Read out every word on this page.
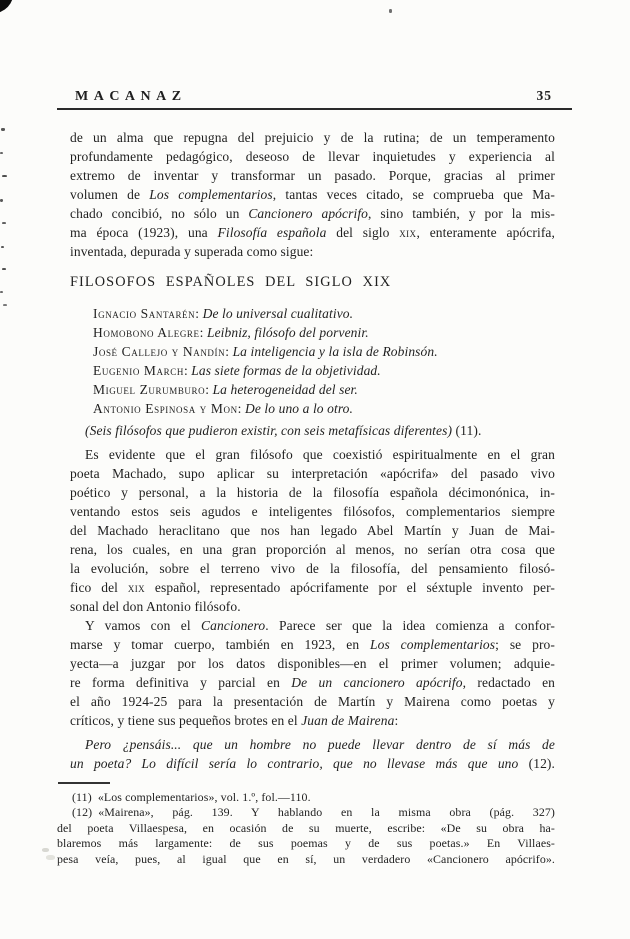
MACANAZ	35
de un alma que repugna del prejuicio y de la rutina; de un temperamento
profundamente pedagógico, deseoso de llevar inquietudes y experiencia al
extremo de inventar y transformar un pasado. Porque, gracias al primer
volumen de Los complementarios, tantas veces citado, se comprueba que Ma-
chado concibió, no sólo un Cancionero apócrifo, sino también, y por la mis-
ma época (1923), una Filosofía española del siglo xix, enteramente apócrifa,
inventada, depurada y superada como sigue:
FILOSOFOS ESPAÑOLES DEL SIGLO XIX
Ignacio Santarén: De lo universal cualitativo.
Homobono Alegre: Leibniz, filósofo del porvenir.
José Callejo y Nandín: La inteligencia y la isla de Robinsón.
Eugenio March: Las siete formas de la objetividad.
Miguel Zurumburo: La heterogeneidad del ser.
Antonio Espinosa y Mon: De lo uno a lo otro.
(Seis filósofos que pudieron existir, con seis metafísicas diferentes) (11).
Es evidente que el gran filósofo que coexistió espiritualmente en el gran
poeta Machado, supo aplicar su interpretación «apócrifa» del pasado vivo
poético y personal, a la historia de la filosofía española décimonónica, in-
ventando estos seis agudos e inteligentes filósofos, complementarios siempre
del Machado heraclitano que nos han legado Abel Martín y Juan de Mai-
rena, los cuales, en una gran proporción al menos, no serían otra cosa que
la evolución, sobre el terreno vivo de la filosofía, del pensamiento filosó-
fico del xix español, representado apócrifamente por el séxtuple invento per-
sonal del don Antonio filósofo.
Y vamos con el Cancionero. Parece ser que la idea comienza a confor-
marse y tomar cuerpo, también en 1923, en Los complementarios; se pro-
yecta—a juzgar por los datos disponibles—en el primer volumen; adquie-
re forma definitiva y parcial en De un cancionero apócrifo, redactado en
el año 1924-25 para la presentación de Martín y Mairena como poetas y
críticos, y tiene sus pequeños brotes en el Juan de Mairena:
Pero ¿pensáis... que un hombre no puede llevar dentro de sí más de
un poeta? Lo difícil sería lo contrario, que no llevase más que uno (12).
(11) «Los complementarios», vol. 1.º, fol.—110.
(12) «Mairena», pág. 139. Y hablando en la misma obra (pág. 327)
del poeta Villaespesa, en ocasión de su muerte, escribe: «De su obra ha-
blaremos más largamente: de sus poemas y de sus poetas.» En Villaes-
pesa veía, pues, al igual que en sí, un verdadero «Cancionero apócrifo».
